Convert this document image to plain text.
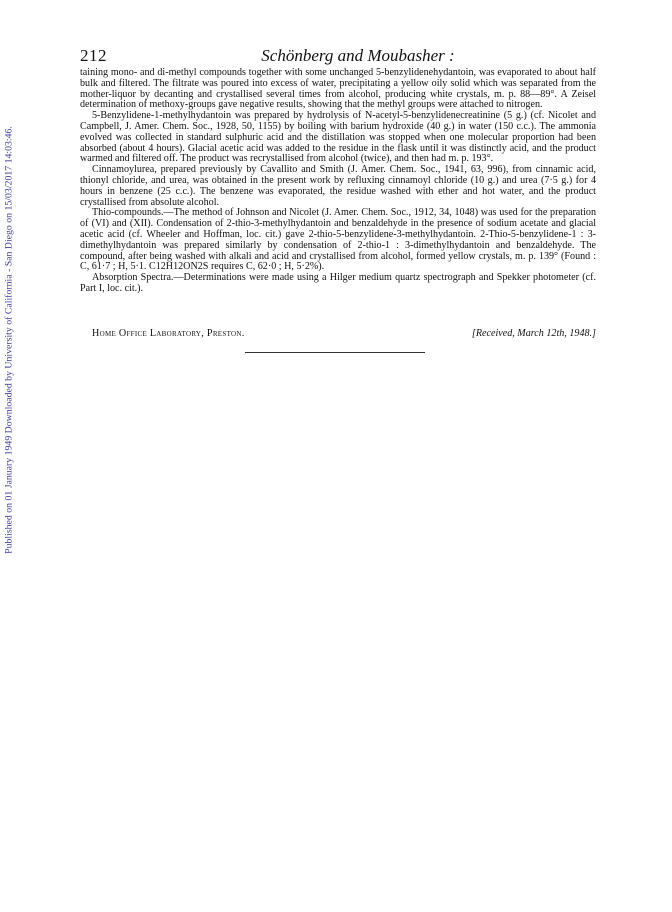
Published on 01 January 1949 Downloaded by University of California - San Diego on 15/03/2017 14:03:46.
212	Schönberg and Moubasher :

taining mono- and di-methyl compounds together with some unchanged 5-benzylidenehydantoin, was evaporated to about half bulk and filtered. The filtrate was poured into excess of water, precipitating a yellow oily solid which was separated from the mother-liquor by decanting and crystallised several times from alcohol, producing white crystals, m. p. 88—89°. A Zeisel determination of methoxy-groups gave negative results, showing that the methyl groups were attached to nitrogen.

5-Benzylidene-1-methylhydantoin was prepared by hydrolysis of N-acetyl-5-benzylidenecreatinine (5 g.) (cf. Nicolet and Campbell, J. Amer. Chem. Soc., 1928, 50, 1155) by boiling with barium hydroxide (40 g.) in water (150 c.c.). The ammonia evolved was collected in standard sulphuric acid and the distillation was stopped when one molecular proportion had been absorbed (about 4 hours). Glacial acetic acid was added to the residue in the flask until it was distinctly acid, and the product warmed and filtered off. The product was recrystallised from alcohol (twice), and then had m. p. 193°.

Cinnamoylurea, prepared previously by Cavallito and Smith (J. Amer. Chem. Soc., 1941, 63, 996), from cinnamic acid, thionyl chloride, and urea, was obtained in the present work by refluxing cinnamoyl chloride (10 g.) and urea (7·5 g.) for 4 hours in benzene (25 c.c.). The benzene was evaporated, the residue washed with ether and hot water, and the product crystallised from absolute alcohol.

Thio-compounds.—The method of Johnson and Nicolet (J. Amer. Chem. Soc., 1912, 34, 1048) was used for the preparation of (VI) and (XII). Condensation of 2-thio-3-methylhydantoin and benzaldehyde in the presence of sodium acetate and glacial acetic acid (cf. Wheeler and Hoffman, loc. cit.) gave 2-thio-5-benzylidene-3-methylhydantoin. 2-Thio-5-benzylidene-1 : 3-dimethylhydantoin was prepared similarly by condensation of 2-thio-1 : 3-dimethylhydantoin and benzaldehyde. The compound, after being washed with alkali and acid and crystallised from alcohol, formed yellow crystals, m. p. 139° (Found : C, 61·7 ; H, 5·1. C12H12ON2S requires C, 62·0 ; H, 5·2%).

Absorption Spectra.—Determinations were made using a Hilger medium quartz spectrograph and Spekker photometer (cf. Part I, loc. cit.).

Home Office Laboratory, Preston.	[Received, March 12th, 1948.]
